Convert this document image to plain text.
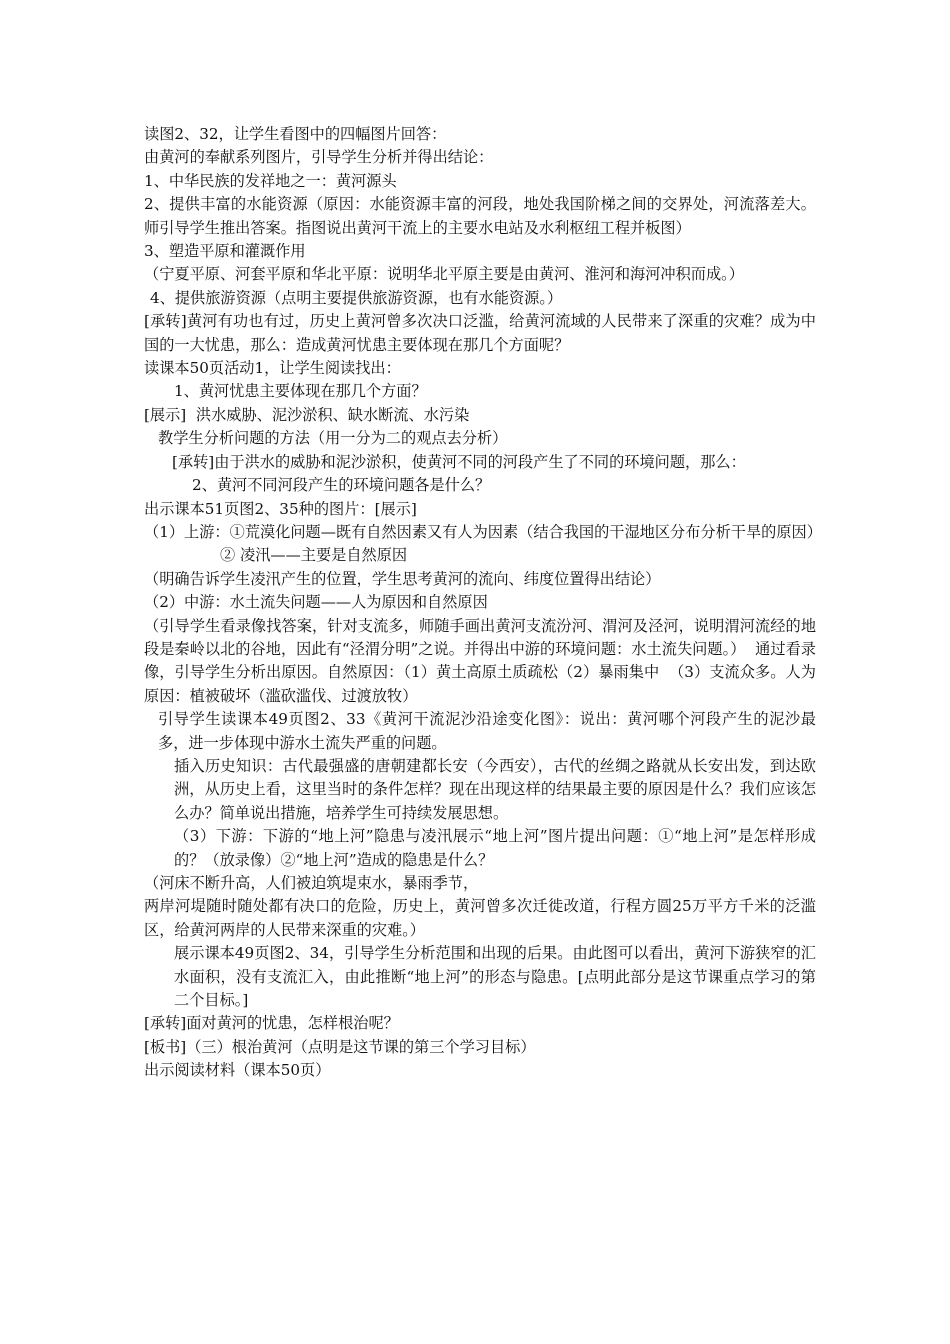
读图2、32，让学生看图中的四幅图片回答：

由黄河的奉献系列图片，引导学生分析并得出结论：

1、中华民族的发祥地之一：黄河源头

2、提供丰富的水能资源（原因：水能资源丰富的河段，地处我国阶梯之间的交界处，河流落差大。师引导学生推出答案。指图说出黄河干流上的主要水电站及水利枢纽工程并板图）

3、塑造平原和灌溉作用

（宁夏平原、河套平原和华北平原：说明华北平原主要是由黄河、淮河和海河冲积而成。）

4、提供旅游资源（点明主要提供旅游资源，也有水能资源。）

[承转]黄河有功也有过，历史上黄河曾多次决口泛滥，给黄河流域的人民带来了深重的灾难？成为中国的一大忧患，那么：造成黄河忧患主要体现在那几个方面呢？

读课本50页活动1，让学生阅读找出：

1、黄河忧患主要体现在那几个方面？

[展示]  洪水威胁、泥沙淤积、缺水断流、水污染

教学生分析问题的方法（用一分为二的观点去分析）

[承转]由于洪水的威胁和泥沙淤积，使黄河不同的河段产生了不同的环境问题，那么：

2、黄河不同河段产生的环境问题各是什么？

出示课本51页图2、35种的图片：[展示]

（1）上游：①荒漠化问题—既有自然因素又有人为因素（结合我国的干湿地区分布分析干旱的原因）

② 凌汛——主要是自然原因

（明确告诉学生凌汛产生的位置，学生思考黄河的流向、纬度位置得出结论）

（2）中游：水土流失问题——人为原因和自然原因

（引导学生看录像找答案，针对支流多，师随手画出黄河支流汾河、渭河及泾河，说明渭河流经的地段是秦岭以北的谷地，因此有“泾渭分明”之说。并得出中游的环境问题：水土流失问题。）  通过看录像，引导学生分析出原因。自然原因：（1）黄土高原土质疏松（2）暴雨集中  （3）支流众多。人为原因：植被破坏（滥砍滥伐、过渡放牧）

引导学生读课本49页图2、33《黄河干流泥沙沿途变化图》：说出：黄河哪个河段产生的泥沙最多，进一步体现中游水土流失严重的问题。

插入历史知识：古代最强盛的唐朝建都长安（今西安），古代的丝绸之路就从长安出发，到达欧洲，从历史上看，这里当时的条件怎样？现在出现这样的结果最主要的原因是什么？我们应该怎么办？简单说出措施，培养学生可持续发展思想。

（3）下游：下游的“地上河”隐患与凌汛展示“地上河”图片提出问题：①“地上河”是怎样形成的？（放录像）②“地上河”造成的隐患是什么？

（河床不断升高，人们被迫筑堤束水，暴雨季节，

两岸河堤随时随处都有决口的危险，历史上，黄河曾多次迁徙改道，行程方圆25万平方千米的泛滥区，给黄河两岸的人民带来深重的灾难。）

展示课本49页图2、34，引导学生分析范围和出现的后果。由此图可以看出，黄河下游狭窄的汇水面积，没有支流汇入，由此推断“地上河”的形态与隐患。[点明此部分是这节课重点学习的第二个目标。]

[承转]面对黄河的忧患，怎样根治呢？

[板书]（三）根治黄河（点明是这节课的第三个学习目标）

出示阅读材料（课本50页）
